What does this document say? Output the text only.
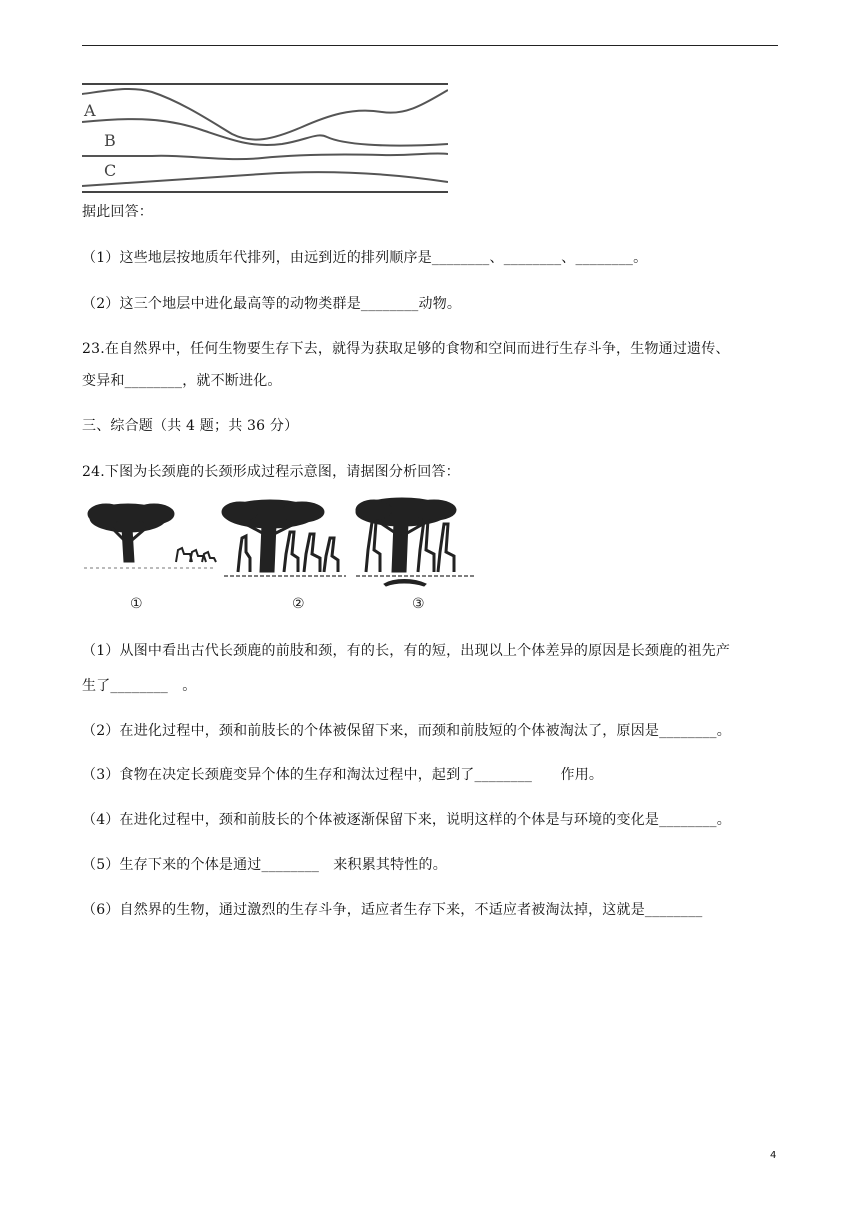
A
B
C
据此回答：
（1）这些地层按地质年代排列，由远到近的排列顺序是________、________、________。
（2）这三个地层中进化最高等的动物类群是________动物。
23.在自然界中，任何生物要生存下去，就得为获取足够的食物和空间而进行生存斗争，生物通过遗传、
变异和________，就不断进化。
三、综合题（共 4 题；共 36 分）
24.下图为长颈鹿的长颈形成过程示意图，请据图分析回答：
①	②	③
（1）从图中看出古代长颈鹿的前肢和颈，有的长，有的短，出现以上个体差异的原因是长颈鹿的祖先产
生了________　。
（2）在进化过程中，颈和前肢长的个体被保留下来，而颈和前肢短的个体被淘汰了，原因是________。
（3）食物在决定长颈鹿变异个体的生存和淘汰过程中，起到了________　　作用。
（4）在进化过程中，颈和前肢长的个体被逐渐保留下来，说明这样的个体是与环境的变化是________。
（5）生存下来的个体是通过________　来积累其特性的。
（6）自然界的生物，通过激烈的生存斗争，适应者生存下来，不适应者被淘汰掉，这就是________
4
